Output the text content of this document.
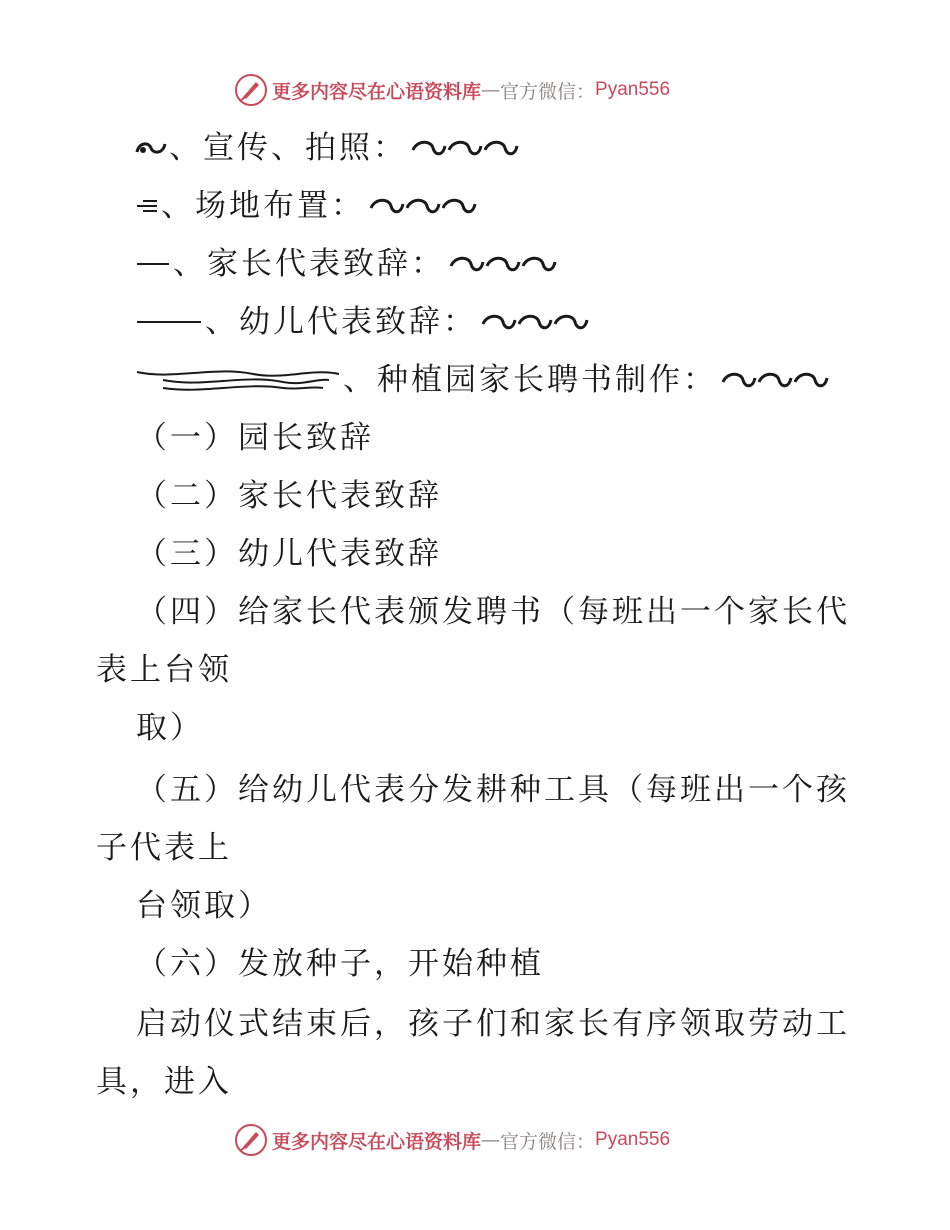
更多内容尽在心语资料库 — 官方微信： Pyan556
、宣传、拍照：
、场地布置：
、家长代表致辞：
、幼儿代表致辞：
、种植园家长聘书制作：
（一）园长致辞
（二）家长代表致辞
（三）幼儿代表致辞
（四）给家长代表颁发聘书（每班出一个家长代
表上台领
取）
（五）给幼儿代表分发耕种工具（每班出一个孩
子代表上
台领取）
（六）发放种子，开始种植
启动仪式结束后，孩子们和家长有序领取劳动工
具，进入
更多内容尽在心语资料库 — 官方微信： Pyan556
